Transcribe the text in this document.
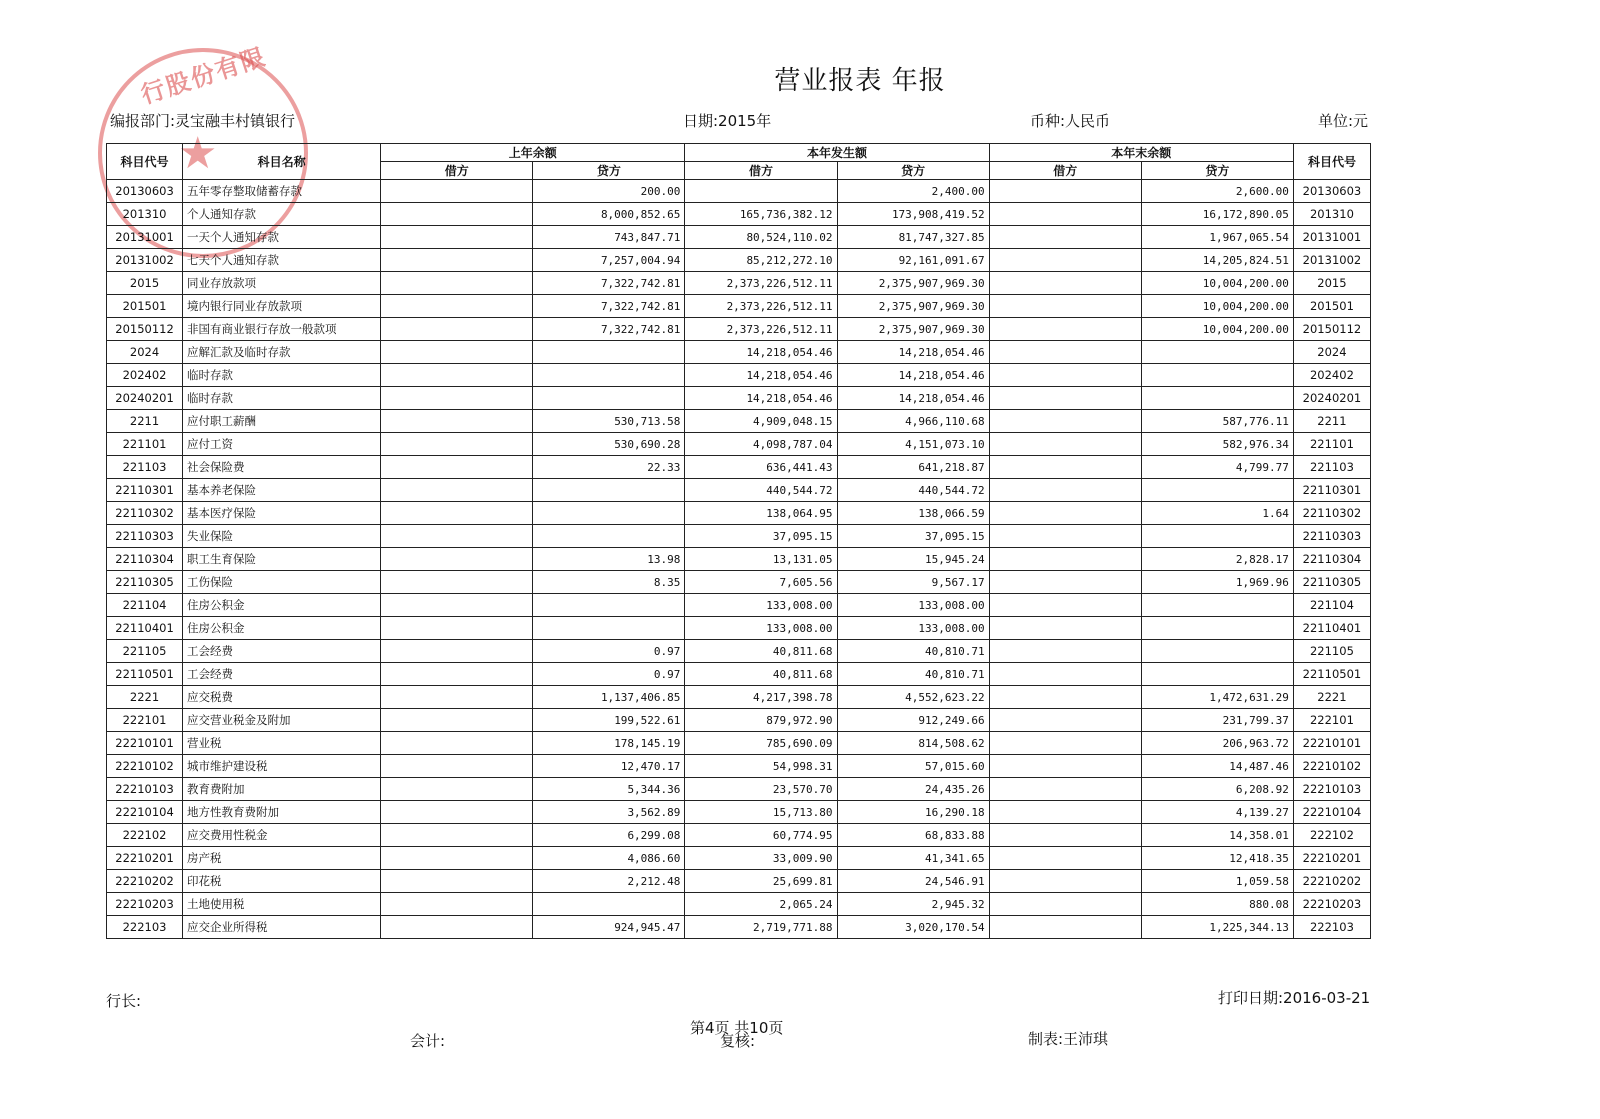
行股份有限
★
营业报表 年报
编报部门:灵宝融丰村镇银行	日期:2015年	币种:人民币	单位:元
科目代号	科目名称	上年余额		本年发生额		本年末余额		科目代号
		借方	贷方	借方	贷方	借方	贷方	
20130603	五年零存整取储蓄存款		200.00		2,400.00		2,600.00	20130603
201310	个人通知存款		8,000,852.65	165,736,382.12	173,908,419.52		16,172,890.05	201310
20131001	一天个人通知存款		743,847.71	80,524,110.02	81,747,327.85		1,967,065.54	20131001
20131002	七天个人通知存款		7,257,004.94	85,212,272.10	92,161,091.67		14,205,824.51	20131002
2015	同业存放款项		7,322,742.81	2,373,226,512.11	2,375,907,969.30		10,004,200.00	2015
201501	境内银行同业存放款项		7,322,742.81	2,373,226,512.11	2,375,907,969.30		10,004,200.00	201501
20150112	非国有商业银行存放一般款项		7,322,742.81	2,373,226,512.11	2,375,907,969.30		10,004,200.00	20150112
2024	应解汇款及临时存款			14,218,054.46	14,218,054.46			2024
202402	临时存款			14,218,054.46	14,218,054.46			202402
20240201	临时存款			14,218,054.46	14,218,054.46			20240201
2211	应付职工薪酬		530,713.58	4,909,048.15	4,966,110.68		587,776.11	2211
221101	应付工资		530,690.28	4,098,787.04	4,151,073.10		582,976.34	221101
221103	社会保险费		22.33	636,441.43	641,218.87		4,799.77	221103
22110301	基本养老保险			440,544.72	440,544.72			22110301
22110302	基本医疗保险			138,064.95	138,066.59		1.64	22110302
22110303	失业保险			37,095.15	37,095.15			22110303
22110304	职工生育保险		13.98	13,131.05	15,945.24		2,828.17	22110304
22110305	工伤保险		8.35	7,605.56	9,567.17		1,969.96	22110305
221104	住房公积金			133,008.00	133,008.00			221104
22110401	住房公积金			133,008.00	133,008.00			22110401
221105	工会经费		0.97	40,811.68	40,810.71			221105
22110501	工会经费		0.97	40,811.68	40,810.71			22110501
2221	应交税费		1,137,406.85	4,217,398.78	4,552,623.22		1,472,631.29	2221
222101	应交营业税金及附加		199,522.61	879,972.90	912,249.66		231,799.37	222101
22210101	营业税		178,145.19	785,690.09	814,508.62		206,963.72	22210101
22210102	城市维护建设税		12,470.17	54,998.31	57,015.60		14,487.46	22210102
22210103	教育费附加		5,344.36	23,570.70	24,435.26		6,208.92	22210103
22210104	地方性教育费附加		3,562.89	15,713.80	16,290.18		4,139.27	22210104
222102	应交费用性税金		6,299.08	60,774.95	68,833.88		14,358.01	222102
22210201	房产税		4,086.60	33,009.90	41,341.65		12,418.35	22210201
22210202	印花税		2,212.48	25,699.81	24,546.91		1,059.58	22210202
22210203	土地使用税			2,065.24	2,945.32		880.08	22210203
222103	应交企业所得税		924,945.47	2,719,771.88	3,020,170.54		1,225,344.13	222103
行长:	打印日期:2016-03-21
会计:
第4页 共10页
复核:	制表:王沛琪
